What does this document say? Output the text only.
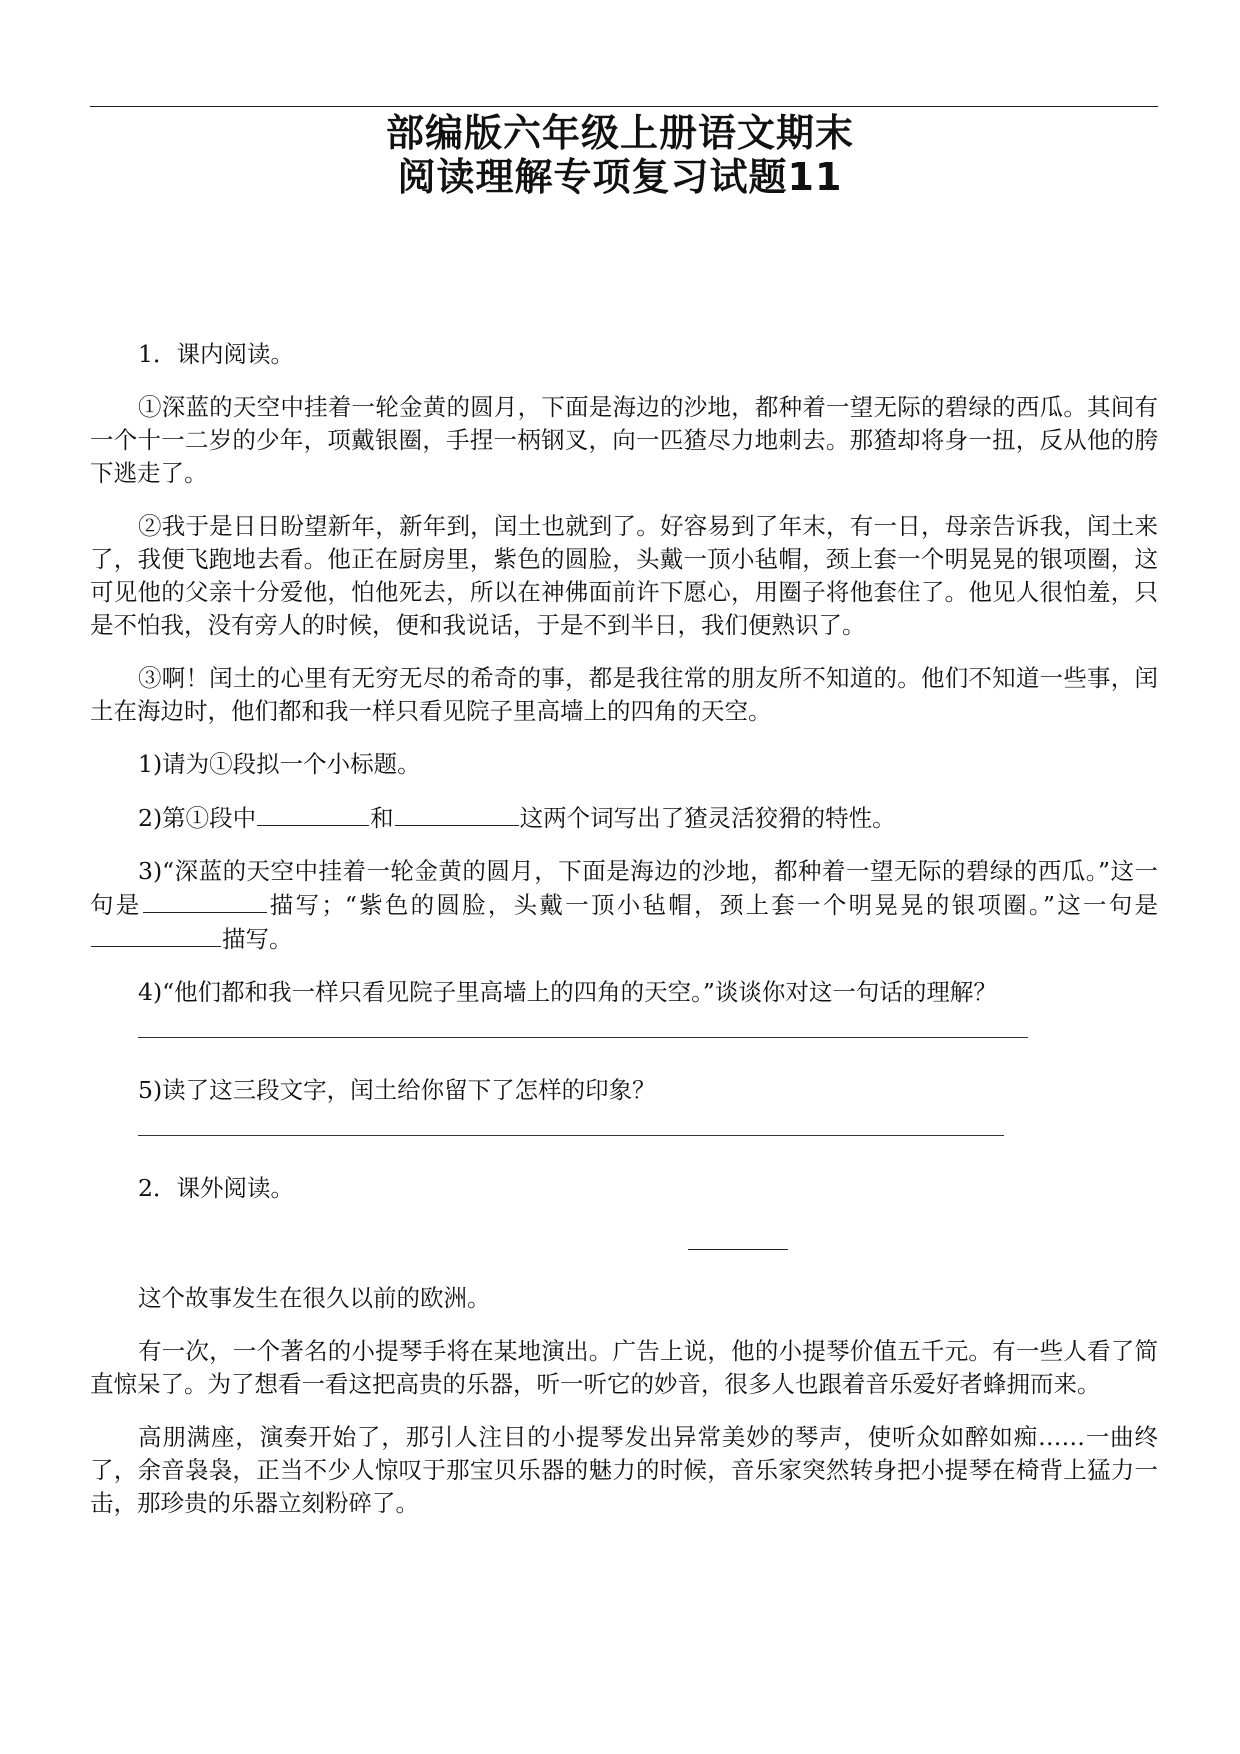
部编版六年级上册语文期末
阅读理解专项复习试题11

1．课内阅读。

①深蓝的天空中挂着一轮金黄的圆月，下面是海边的沙地，都种着一望无际的碧绿的西瓜。其间有一个十一二岁的少年，项戴银圈，手捏一柄钢叉，向一匹猹尽力地刺去。那猹却将身一扭，反从他的胯下逃走了。

②我于是日日盼望新年，新年到，闰土也就到了。好容易到了年末，有一日，母亲告诉我，闰土来了，我便飞跑地去看。他正在厨房里，紫色的圆脸，头戴一顶小毡帽，颈上套一个明晃晃的银项圈，这可见他的父亲十分爱他，怕他死去，所以在神佛面前许下愿心，用圈子将他套住了。他见人很怕羞，只是不怕我，没有旁人的时候，便和我说话，于是不到半日，我们便熟识了。

③啊！闰土的心里有无穷无尽的希奇的事，都是我往常的朋友所不知道的。他们不知道一些事，闰土在海边时，他们都和我一样只看见院子里高墙上的四角的天空。

1)请为①段拟一个小标题。

2)第①段中	和	这两个词写出了猹灵活狡猾的特性。

3)“深蓝的天空中挂着一轮金黄的圆月，下面是海边的沙地，都种着一望无际的碧绿的西瓜。”这一句是	描写；“紫色的圆脸，头戴一顶小毡帽，颈上套一个明晃晃的银项圈。”这一句是描写。

4)“他们都和我一样只看见院子里高墙上的四角的天空。”谈谈你对这一句话的理解？

5)读了这三段文字，闰土给你留下了怎样的印象？

2．课外阅读。

这个故事发生在很久以前的欧洲。

有一次，一个著名的小提琴手将在某地演出。广告上说，他的小提琴价值五千元。有一些人看了简直惊呆了。为了想看一看这把高贵的乐器，听一听它的妙音，很多人也跟着音乐爱好者蜂拥而来。

高朋满座，演奏开始了，那引人注目的小提琴发出异常美妙的琴声，使听众如醉如痴……一曲终了，余音袅袅，正当不少人惊叹于那宝贝乐器的魅力的时候，音乐家突然转身把小提琴在椅背上猛力一击，那珍贵的乐器立刻粉碎了。
